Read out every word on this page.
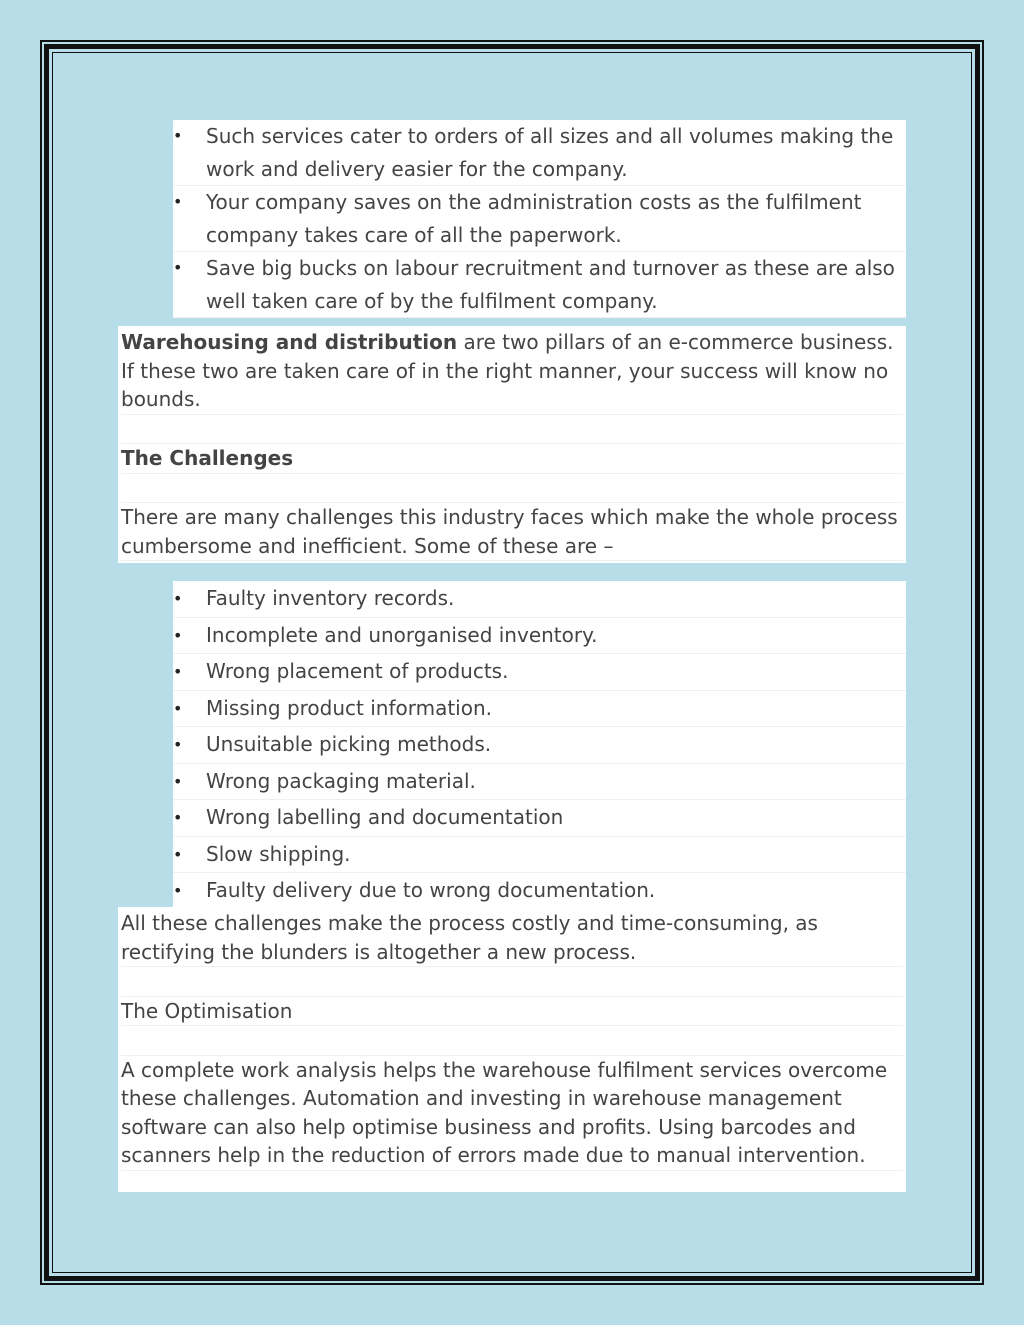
• Such services cater to orders of all sizes and all volumes making the work and delivery easier for the company.
• Your company saves on the administration costs as the fulfilment company takes care of all the paperwork.
• Save big bucks on labour recruitment and turnover as these are also well taken care of by the fulfilment company.

Warehousing and distribution are two pillars of an e-commerce business. If these two are taken care of in the right manner, your success will know no bounds.

The Challenges

There are many challenges this industry faces which make the whole process cumbersome and inefficient. Some of these are –

• Faulty inventory records.
• Incomplete and unorganised inventory.
• Wrong placement of products.
• Missing product information.
• Unsuitable picking methods.
• Wrong packaging material.
• Wrong labelling and documentation
• Slow shipping.
• Faulty delivery due to wrong documentation.

All these challenges make the process costly and time-consuming, as rectifying the blunders is altogether a new process.

The Optimisation

A complete work analysis helps the warehouse fulfilment services overcome these challenges. Automation and investing in warehouse management software can also help optimise business and profits. Using barcodes and scanners help in the reduction of errors made due to manual intervention.
